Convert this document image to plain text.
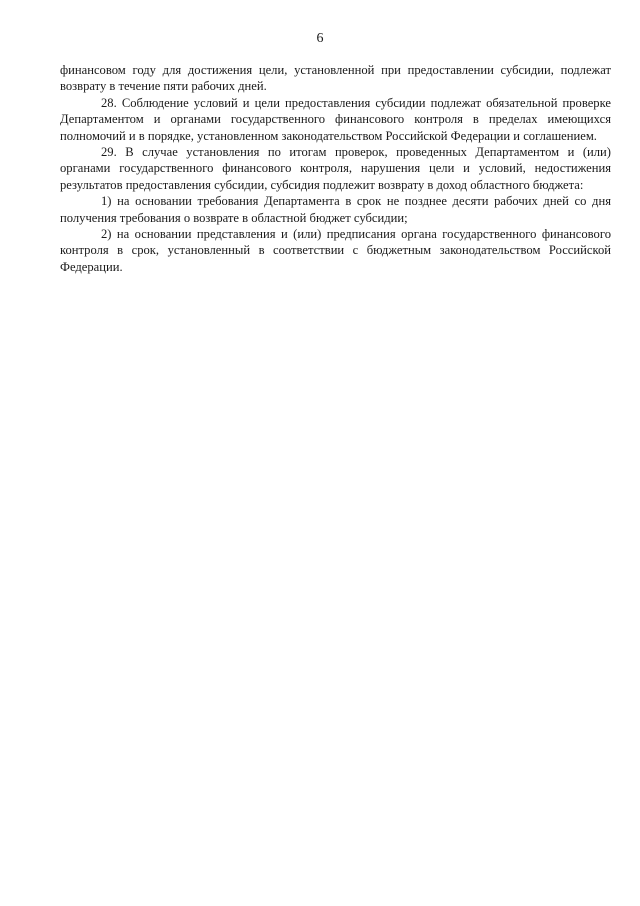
6

финансовом году для достижения цели, установленной при предоставлении субсидии, подлежат возврату в течение пяти рабочих дней.

28. Соблюдение условий и цели предоставления субсидии подлежат обязательной проверке Департаментом и органами государственного финансового контроля в пределах имеющихся полномочий и в порядке, установленном законодательством Российской Федерации и соглашением.

29. В случае установления по итогам проверок, проведенных Департаментом и (или) органами государственного финансового контроля, нарушения цели и условий, недостижения результатов предоставления субсидии, субсидия подлежит возврату в доход областного бюджета:

1) на основании требования Департамента в срок не позднее десяти рабочих дней со дня получения требования о возврате в областной бюджет субсидии;

2) на основании представления и (или) предписания органа государственного финансового контроля в срок, установленный в соответствии с бюджетным законодательством Российской Федерации.
